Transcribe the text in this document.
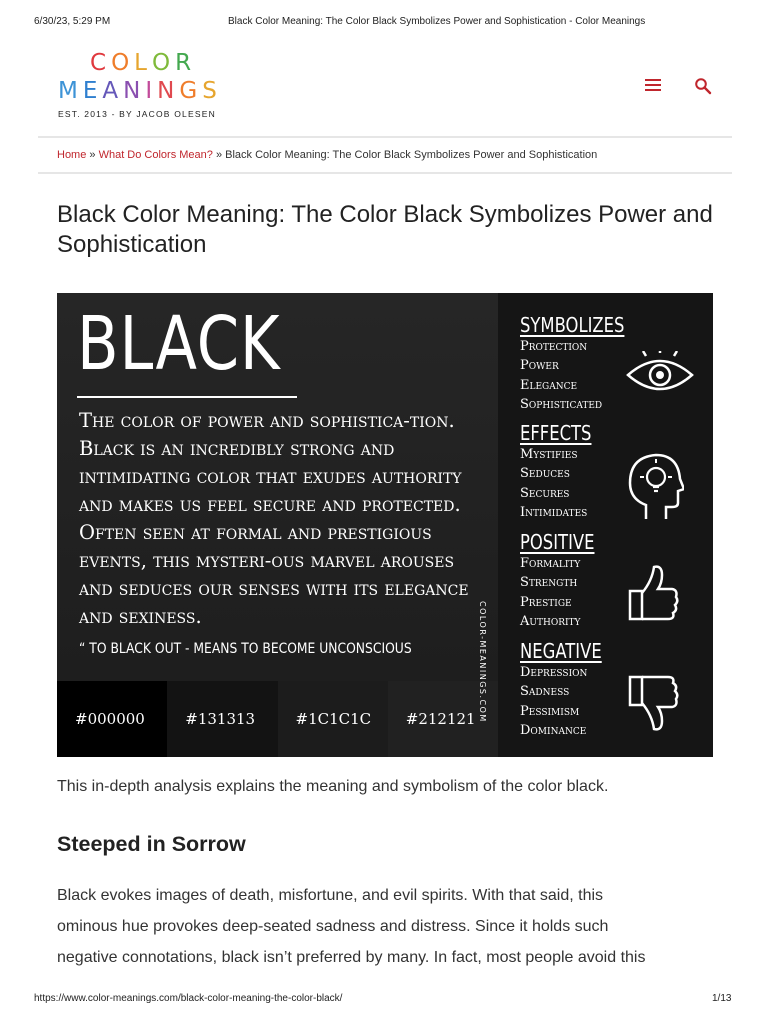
6/30/23, 5:29 PM	Black Color Meaning: The Color Black Symbolizes Power and Sophistication - Color Meanings
COLOR
MEANINGS
EST. 2013 - BY JACOB OLESEN
Home » What Do Colors Mean? » Black Color Meaning: The Color Black Symbolizes Power and Sophistication
Black Color Meaning: The Color Black Symbolizes Power and Sophistication
BLACK
The color of power and sophistica-tion. Black is an incredibly strong and intimidating color that exudes authority and makes us feel secure and protected. Often seen at formal and prestigious events, this mysteri-ous marvel arouses and seduces our senses with its elegance and sexiness.
“ TO BLACK OUT - MEANS TO BECOME UNCONSCIOUS
#000000	#131313	#1C1C1C	#212121 COLOR-MEANINGS.COM
SYMBOLIZES
Protection
Power
Elegance
Sophisticated
EFFECTS
Mystifies
Seduces
Secures
Intimidates
POSITIVE
Formality
Strength
Prestige
Authority
NEGATIVE
Depression
Sadness
Pessimism
Dominance
This in-depth analysis explains the meaning and symbolism of the color black.
Steeped in Sorrow

Black evokes images of death, misfortune, and evil spirits. With that said, this

ominous hue provokes deep-seated sadness and distress. Since it holds such

negative connotations, black isn’t preferred by many. In fact, most people avoid this

https://www.color-meanings.com/black-color-meaning-the-color-black/	1/13
